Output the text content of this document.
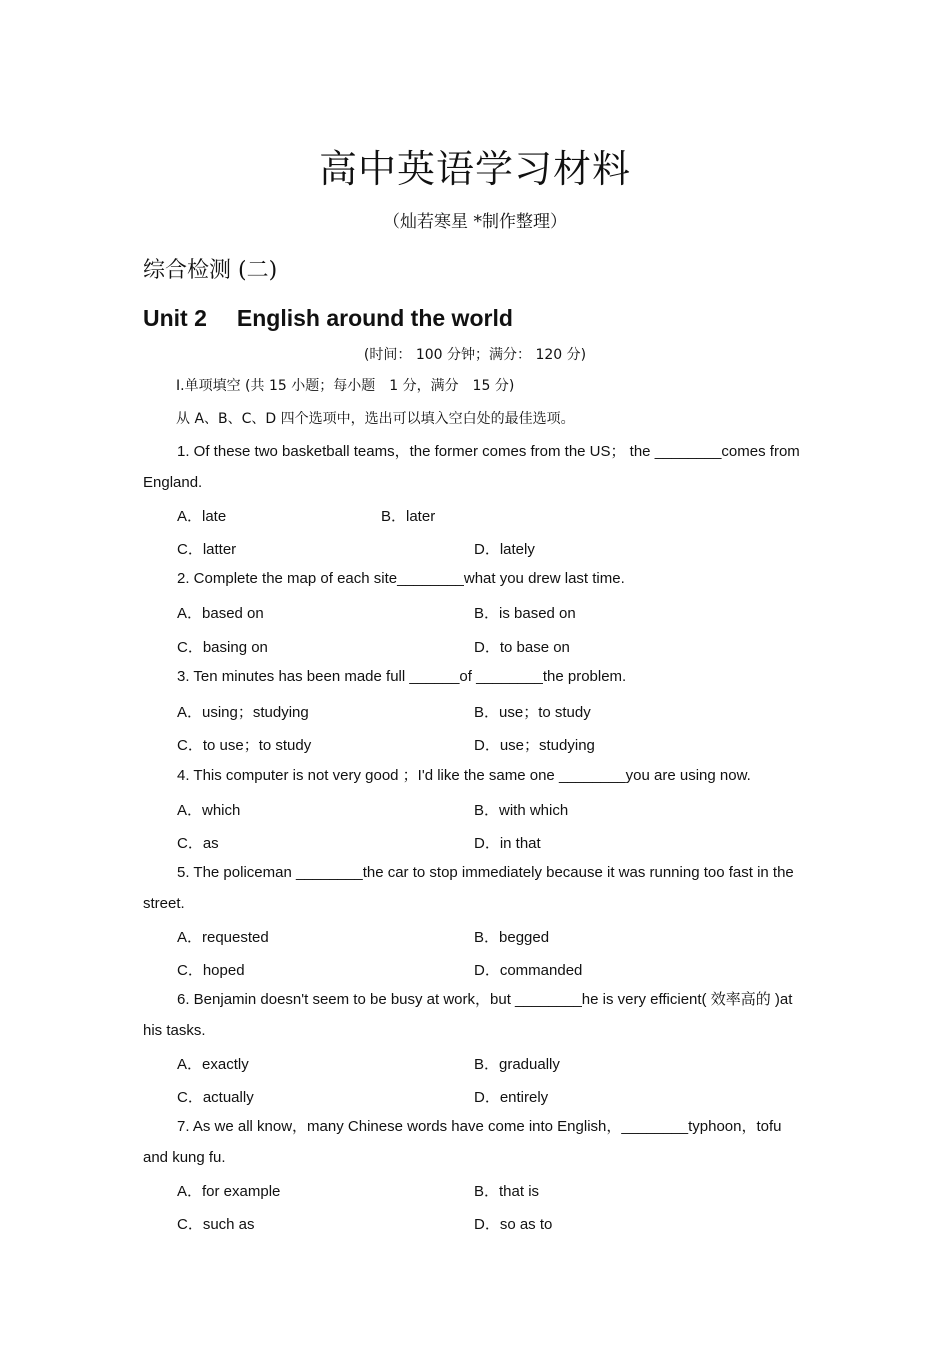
高中英语学习材料
（灿若寒星 *制作整理）
综合检测 (二)
Unit 2 English around the world
(时间： 100 分钟；满分： 120 分)
Ⅰ.单项填空 (共 15 小题；每小题　1 分，满分　15 分)
从 A、B、C、D 四个选项中，选出可以填入空白处的最佳选项。
1. Of these two basketball teams，the former comes from the US； the ________comes from England.
A．late	B．later
C．latter	D．lately
2. Complete the map of each site________what you drew last time.
A．based on	B．is based on
C．basing on	D．to base on
3. Ten minutes has been made full ______of ________the problem.
A．using；studying	B．use；to study
C．to use；to study	D．use；studying
4. This computer is not very good ；I'd like the same one ________you are using now.
A．which	B．with which
C．as	D．in that
5. The policeman ________the car to stop immediately because it was running too fast in the street.
A．requested	B．begged
C．hoped	D．commanded
6. Benjamin doesn't seem to be busy at work，but ________he is very efficient( 效率高的 )at his tasks.
A．exactly	B．gradually
C．actually	D．entirely
7. As we all know，many Chinese words have come into English，________typhoon，tofu and kung fu.
A．for example	B．that is
C．such as	D．so as to
